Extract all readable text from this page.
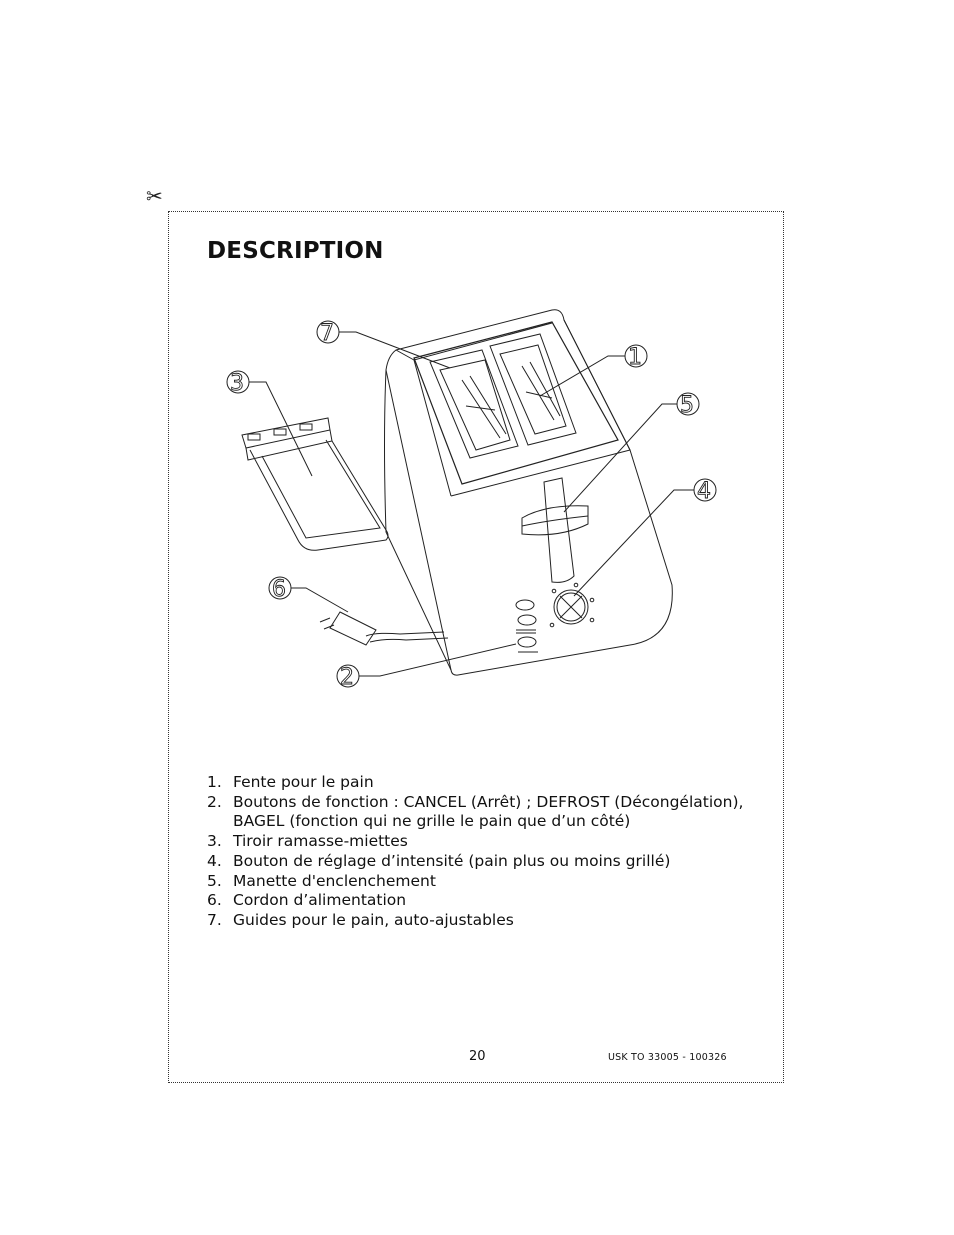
✂
DESCRIPTION
1
2
3
4
5
6
7
1. Fente pour le pain
2. Boutons de fonction : CANCEL (Arrêt) ; DEFROST (Décongélation), BAGEL (fonction qui ne grille le pain que d’un côté)
3. Tiroir ramasse-miettes
4. Bouton de réglage d’intensité (pain plus ou moins grillé)
5. Manette d'enclenchement
6. Cordon d’alimentation
7. Guides pour le pain, auto-ajustables
20	USK TO 33005 - 100326
